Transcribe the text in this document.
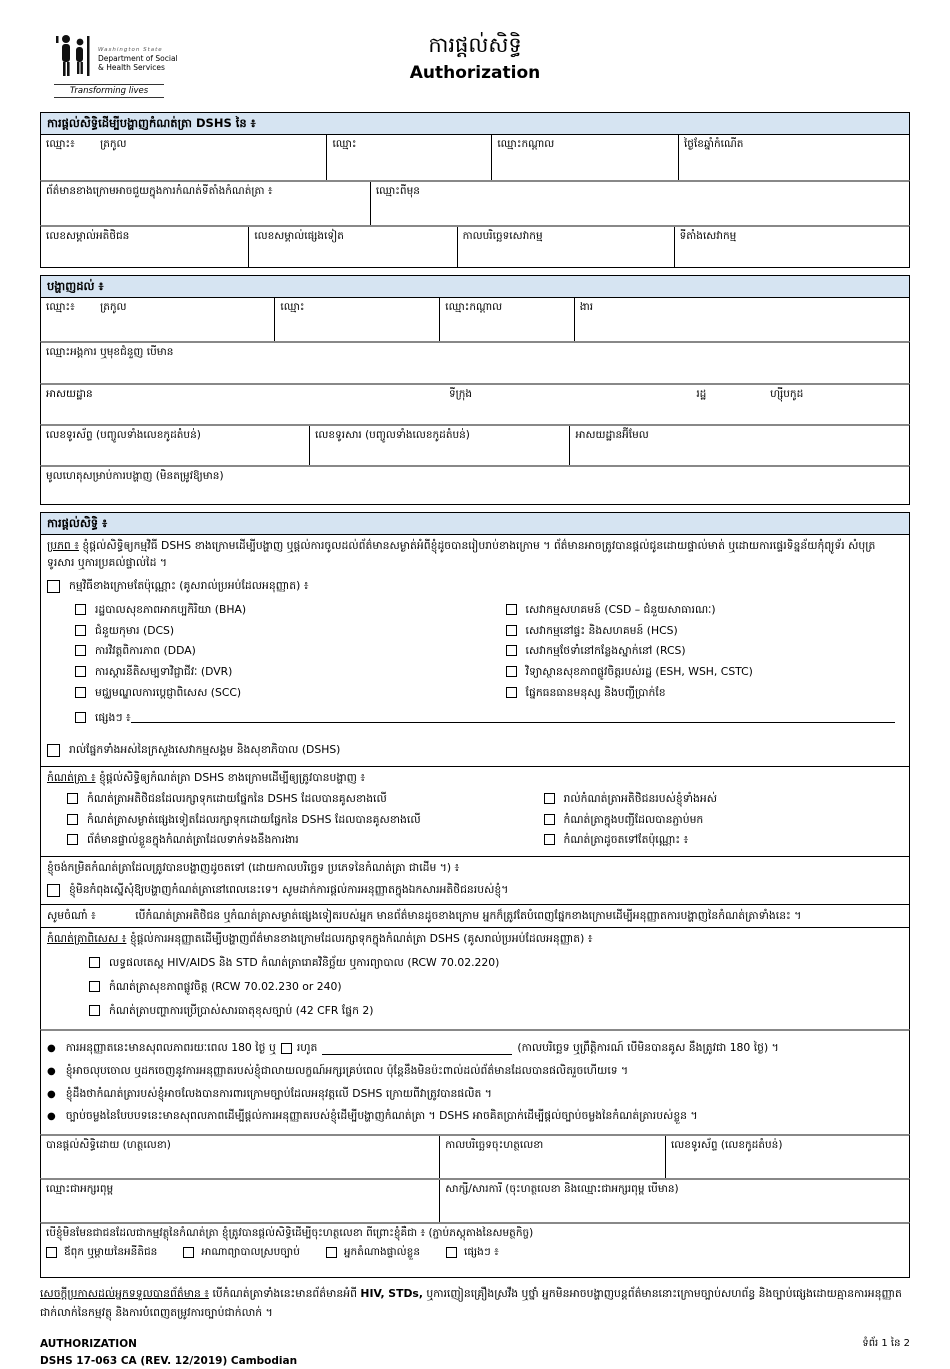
Washington State
Department of Social
& Health Services
Transforming lives
ការផ្តល់សិទ្ធិ
Authorization
ការផ្តល់សិទ្ធិដើម្បីបង្ហាញកំណត់ត្រា DSHS នៃ ៖
ឈ្មោះ៖ ត្រកូល	ឈ្មោះ	ឈ្មោះកណ្តាល	ថ្ងៃខែឆ្នាំកំណើត
ព័ត៌មានខាងក្រោមអាចជួយក្នុងការកំណត់ទីតាំងកំណត់ត្រា ៖	ឈ្មោះពីមុន
លេខសម្គាល់អតិថិជន	លេខសម្គាល់ផ្សេងទៀត	កាលបរិច្ឆេទសេវាកម្ម	ទីតាំងសេវាកម្ម
បង្ហាញដល់ ៖
ឈ្មោះ៖ ត្រកូល	ឈ្មោះ	ឈ្មោះកណ្តាល	ងារ
ឈ្មោះអង្គការ ឬមុខជំនួញ បើមាន
អាសយដ្ឋាន	ទីក្រុង	រដ្ឋ	ហ្ស៊ីបកូដ
លេខទូរស័ព្ទ (បញ្ចូលទាំងលេខកូដតំបន់)	លេខទូរសារ (បញ្ចូលទាំងលេខកូដតំបន់)	អាសយដ្ឋានអ៊ីមែល
មូលហេតុសម្រាប់ការបង្ហាញ (មិនតម្រូវឱ្យមាន)
ការផ្តល់សិទ្ធិ ៖
ប្រភព ៖ ខ្ញុំផ្តល់សិទ្ធិឲ្យកម្មវិធី DSHS ខាងក្រោមដើម្បីបង្ហាញ ឬផ្តល់ការចូលដល់ព័ត៌មានសម្ងាត់អំពីខ្ញុំដូចបានរៀបរាប់ខាងក្រោម ។ ព័ត៌មានអាចត្រូវបានផ្តល់ជូនដោយផ្ទាល់មាត់ ឬដោយការផ្ទេរទិន្នន័យកុំព្យូទ័រ សំបុត្រ ទូរសារ ឬការប្រគល់ផ្ទាល់ដៃ ។
កម្មវិធីខាងក្រោមតែប៉ុណ្ណោះ (គូសរាល់ប្រអប់ដែលអនុញ្ញាត) ៖
រដ្ឋបាលសុខភាពអាកប្បកិរិយា (BHA)
ជំនួយកុមារ (DCS)
ការវិវត្តពិការភាព (DDA)
ការស្តារនីតិសម្បទាវិជ្ជាជីវៈ (DVR)
មជ្ឈមណ្ឌលការប្តេជ្ញាពិសេស (SCC)
សេវាកម្មសហគមន៍ (CSD – ជំនួយសាធារណៈ)
សេវាកម្មនៅផ្ទះ និងសហគមន៍ (HCS)
សេវាកម្មថែទាំនៅកន្លែងស្នាក់នៅ (RCS)
វិទ្យាស្ថានសុខភាពផ្លូវចិត្តរបស់រដ្ឋ (ESH, WSH, CSTC)
ផ្នែកធនធានមនុស្ស និងបញ្ជីប្រាក់ខែ
ផ្សេងៗ ៖
រាល់ផ្នែកទាំងអស់នៃក្រសួងសេវាកម្មសង្គម និងសុខាភិបាល (DSHS)
កំណត់ត្រា ៖ ខ្ញុំផ្តល់សិទ្ធិឲ្យកំណត់ត្រា DSHS ខាងក្រោមដើម្បីឲ្យត្រូវបានបង្ហាញ ៖
កំណត់ត្រាអតិថិជនដែលរក្សាទុកដោយផ្នែកនៃ DSHS ដែលបានគូសខាងលើ
កំណត់ត្រាសម្ងាត់ផ្សេងទៀតដែលរក្សាទុកដោយផ្នែកនៃ DSHS ដែលបានគូសខាងលើ
ព័ត៌មានផ្ទាល់ខ្លួនក្នុងកំណត់ត្រាដែលទាក់ទងនឹងការងារ
រាល់កំណត់ត្រាអតិថិជនរបស់ខ្ញុំទាំងអស់
កំណត់ត្រាក្នុងបញ្ជីដែលបានភ្ជាប់មក
កំណត់ត្រាដូចតទៅតែប៉ុណ្ណោះ ៖
ខ្ញុំចង់កម្រិតកំណត់ត្រាដែលត្រូវបានបង្ហាញដូចតទៅ (ដោយកាលបរិច្ឆេទ ប្រភេទនៃកំណត់ត្រា ជាដើម ។) ៖
ខ្ញុំមិនកំពុងស្នើសុំឱ្យបង្ហាញកំណត់ត្រានៅពេលនេះទេ។ សូមដាក់ការផ្តល់ការអនុញ្ញាតក្នុងឯកសារអតិថិជនរបស់ខ្ញុំ។
សូមចំណាំ ៖	បើកំណត់ត្រាអតិថិជន ឬកំណត់ត្រាសម្ងាត់ផ្សេងទៀតរបស់អ្នក មានព័ត៌មានដូចខាងក្រោម អ្នកក៏ត្រូវតែបំពេញផ្នែកខាងក្រោមដើម្បីអនុញ្ញាតការបង្ហាញនៃកំណត់ត្រាទាំងនេះ ។
កំណត់ត្រាពិសេស ៖ ខ្ញុំផ្តល់ការអនុញ្ញាតដើម្បីបង្ហាញព័ត៌មានខាងក្រោមដែលរក្សាទុកក្នុងកំណត់ត្រា DSHS (គូសរាល់ប្រអប់ដែលអនុញ្ញាត) ៖
លទ្ធផលតេស្ត HIV/AIDS និង STD កំណត់ត្រារោគវិនិច្ឆ័យ ឬការព្យាបាល (RCW 70.02.220)
កំណត់ត្រាសុខភាពផ្លូវចិត្ត (RCW 70.02.230 or 240)
កំណត់ត្រាបញ្ហាការប្រើប្រាស់សារធាតុខុសច្បាប់ (42 CFR ផ្នែក 2)
● ការអនុញ្ញាតនេះមានសុពលភាពរយៈពេល 180 ថ្ងៃ ឬ រហូត	(កាលបរិច្ឆេទ ឬព្រឹត្តិការណ៍ បើមិនបានគូស នឹងត្រូវជា 180 ថ្ងៃ) ។
● ខ្ញុំអាចលុបចោល ឬដកចេញនូវការអនុញ្ញាតរបស់ខ្ញុំជាលាយលក្ខណ៍អក្សរគ្រប់ពេល ប៉ុន្តែនឹងមិនប៉ះពាល់ដល់ព័ត៌មានដែលបានផលិតរួចហើយទេ ។
● ខ្ញុំដឹងថាកំណត់ត្រារបស់ខ្ញុំអាចលែងបានការពារក្រោមច្បាប់ដែលអនុវត្តលើ DSHS ក្រោយពីវាត្រូវបានផលិត ។
● ច្បាប់ចម្លងនៃបែបបទនេះមានសុពលភាពដើម្បីផ្តល់ការអនុញ្ញាតរបស់ខ្ញុំដើម្បីបង្ហាញកំណត់ត្រា ។ DSHS អាចគិតប្រាក់ដើម្បីផ្តល់ច្បាប់ចម្លងនៃកំណត់ត្រារបស់ខ្លួន ។
បានផ្តល់សិទ្ធិដោយ (ហត្ថលេខា)	កាលបរិច្ឆេទចុះហត្ថលេខា	លេខទូរស័ព្ទ (លេខកូដតំបន់)
ឈ្មោះជាអក្សរពុម្ព	សាក្សី/សារការី (ចុះហត្ថលេខា និងឈ្មោះជាអក្សរពុម្ព បើមាន)
បើខ្ញុំមិនមែនជាជនដែលជាកម្មវត្ថុនៃកំណត់ត្រា ខ្ញុំត្រូវបានផ្តល់សិទ្ធិដើម្បីចុះហត្ថលេខា ពីព្រោះខ្ញុំគឺជា ៖ (ភ្ជាប់ភស្តុតាងនៃសមត្ថកិច្ច)
ឪពុក ឬម្តាយនៃអនីតិជន	អាណាព្យាបាលស្របច្បាប់	អ្នកតំណាងផ្ទាល់ខ្លួន	ផ្សេងៗ ៖
សេចក្តីប្រកាសដល់អ្នកទទួលបានព័ត៌មាន ៖ បើកំណត់ត្រាទាំងនេះមានព័ត៌មានអំពី HIV, STDs, ឬការញៀនគ្រឿងស្រវឹង ឬថ្នាំ អ្នកមិនអាចបង្ហាញបន្តព័ត៌មាននោះក្រោមច្បាប់សហព័ន្ធ និងច្បាប់ផ្សេងដោយគ្មានការអនុញ្ញាតជាក់លាក់នៃកម្មវត្ថុ និងការបំពេញតម្រូវការច្បាប់ជាក់លាក់ ។
AUTHORIZATION
DSHS 17-063 CA (REV. 12/2019) Cambodian
ទំព័រ 1 នៃ 2
